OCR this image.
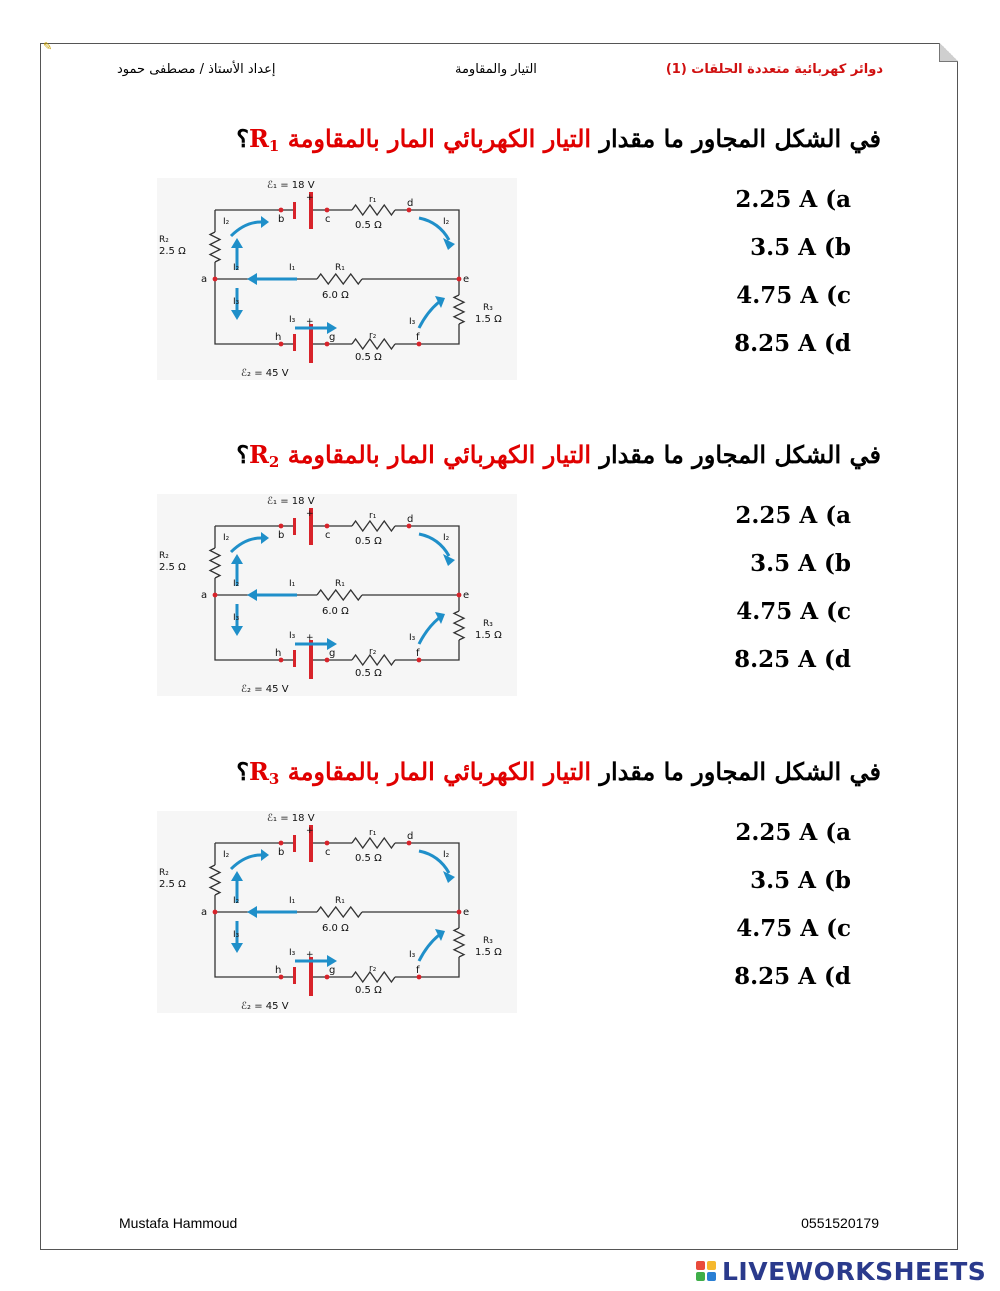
✎
دوائر كهربائية متعددة الحلقات (1)
التيار والمقاومة
إعداد الأستاذ / مصطفى حمود
في الشكل المجاور ما مقدار التيار الكهربائي المار بالمقاومة $R_1؟$
ℰ₁ = 18 V
+
b	c
d
r₁
0.5 Ω
I₂	I₂
R₂
2.5 Ω
I₂	I₁	R₁
6.0 Ω
a	e
I₃
I₃	I₃
R₃
1.5 Ω
h	g	f
+
r₂
0.5 Ω
ℰ₂ = 45 V
2.25 A (a
3.5 A (b
4.75 A (c
8.25 A (d
في الشكل المجاور ما مقدار التيار الكهربائي المار بالمقاومة $R_2؟$
ℰ₁ = 18 V
+
b	c
d
r₁
0.5 Ω
I₂	I₂
R₂
2.5 Ω
I₂	I₁	R₁
6.0 Ω
a	e
I₃
I₃	I₃
R₃
1.5 Ω
h	g	f
+
r₂
0.5 Ω
ℰ₂ = 45 V
2.25 A (a
3.5 A (b
4.75 A (c
8.25 A (d
في الشكل المجاور ما مقدار التيار الكهربائي المار بالمقاومة $R_3؟$
ℰ₁ = 18 V
+
b	c
d
r₁
0.5 Ω
I₂	I₂
R₂
2.5 Ω
I₂	I₁	R₁
6.0 Ω
a	e
I₃
I₃	I₃
R₃
1.5 Ω
h	g	f
+
r₂
0.5 Ω
ℰ₂ = 45 V
2.25 A (a
3.5 A (b
4.75 A (c
8.25 A (d
Mustafa Hammoud	0551520179
LIVEWORKSHEETS
